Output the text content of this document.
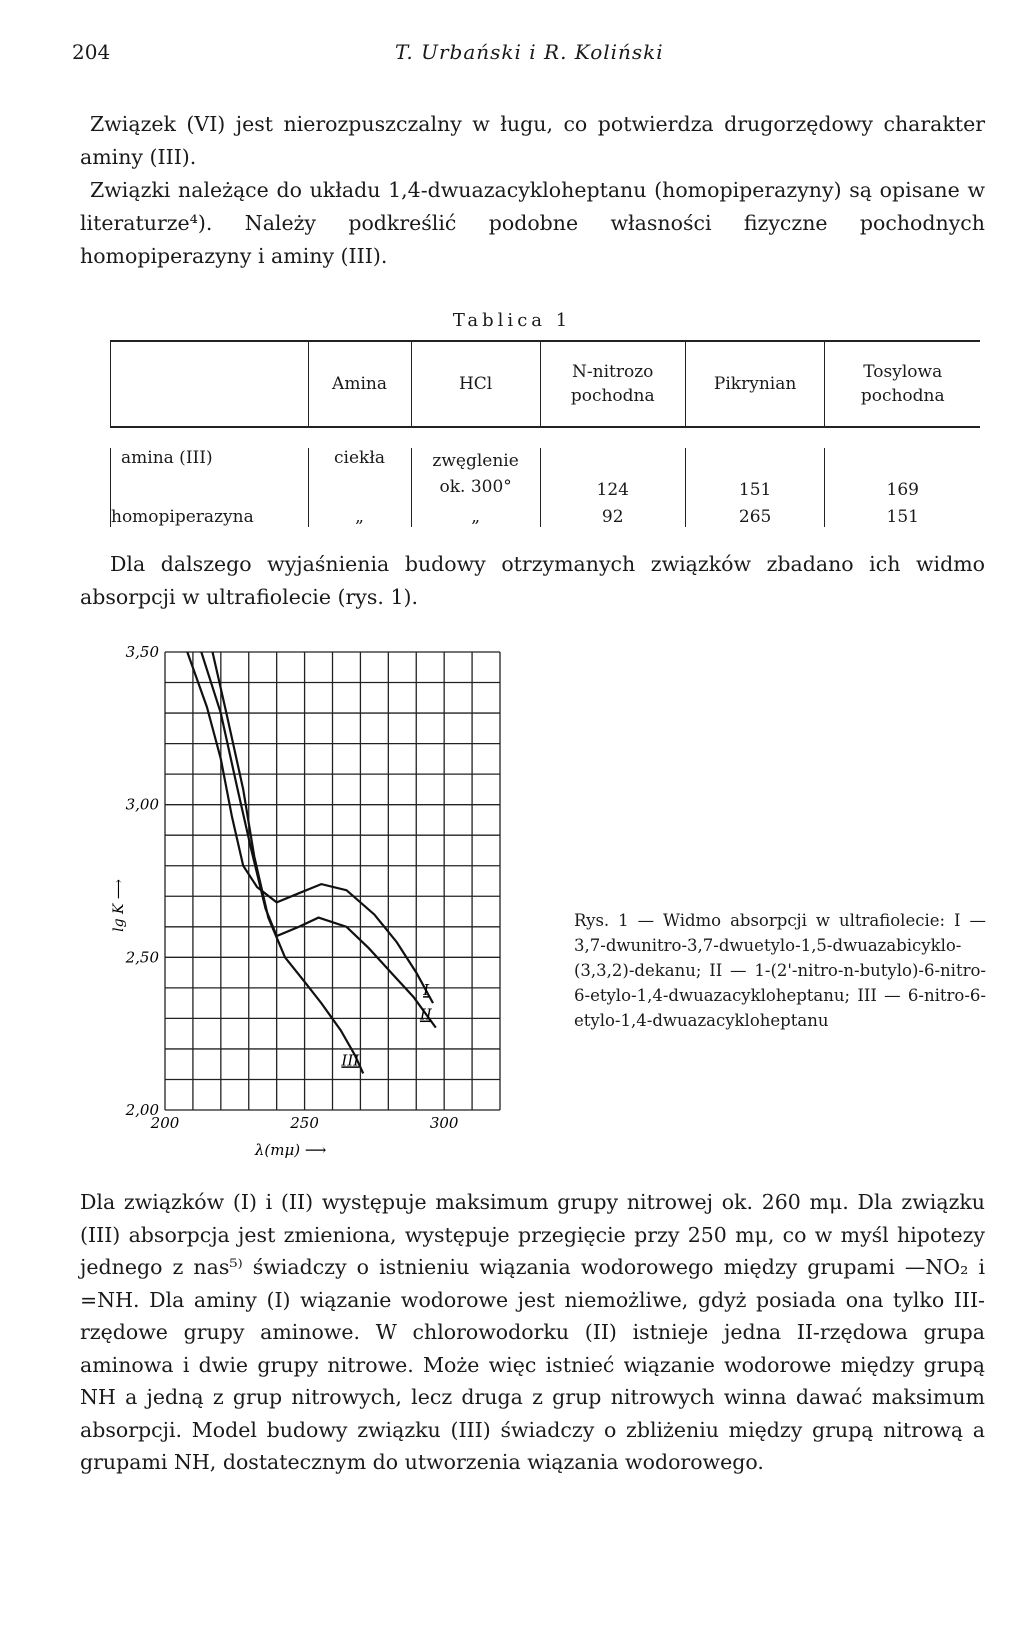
204	T. Urbański i R. Koliński
Związek (VI) jest nierozpuszczalny w ługu, co potwierdza drugorzędowy charakter aminy (III).
Związki należące do układu 1,4-dwuazacykloheptanu (homopiperazyny) są opisane w literaturze⁴). Należy podkreślić podobne własności fizyczne pochodnych homopiperazyny i aminy (III).
Tablica 1
	Amina	HCl	N-nitrozo pochodna	Pikrynian	Tosylowa pochodna

amina (III)	ciekła	zwęglenie ok. 300°	124	151	169
homopiperazyna	„	„	92	265	151
Dla dalszego wyjaśnienia budowy otrzymanych związków zbadano ich widmo absorpcji w ultrafiolecie (rys. 1).
2,00
2,50
3,00
3,50
200	250	300
λ(mμ) ⟶
lg K ⟶
I
II
III
Rys. 1 — Widmo absorpcji w ultrafiolecie: I — 3,7-dwunitro-3,7-dwuetylo-1,5-dwuazabicyklo-(3,3,2)-dekanu; II — 1-(2'-nitro-n-butylo)-6-nitro-6-etylo-1,4-dwuazacykloheptanu; III — 6-nitro-6-etylo-1,4-dwuazacykloheptanu
Dla związków (I) i (II) występuje maksimum grupy nitrowej ok. 260 mμ. Dla związku (III) absorpcja jest zmieniona, występuje przegięcie przy 250 mμ, co w myśl hipotezy jednego z nas⁵⁾ świadczy o istnieniu wiązania wodorowego między grupami —NO₂ i =NH. Dla aminy (I) wiązanie wodorowe jest niemożliwe, gdyż posiada ona tylko III-rzędowe grupy aminowe. W chlorowodorku (II) istnieje jedna II-rzędowa grupa aminowa i dwie grupy nitrowe. Może więc istnieć wiązanie wodorowe między grupą NH a jedną z grup nitrowych, lecz druga z grup nitrowych winna dawać maksimum absorpcji. Model budowy związku (III) świadczy o zbliżeniu między grupą nitrową a grupami NH, dostatecznym do utworzenia wiązania wodorowego.
